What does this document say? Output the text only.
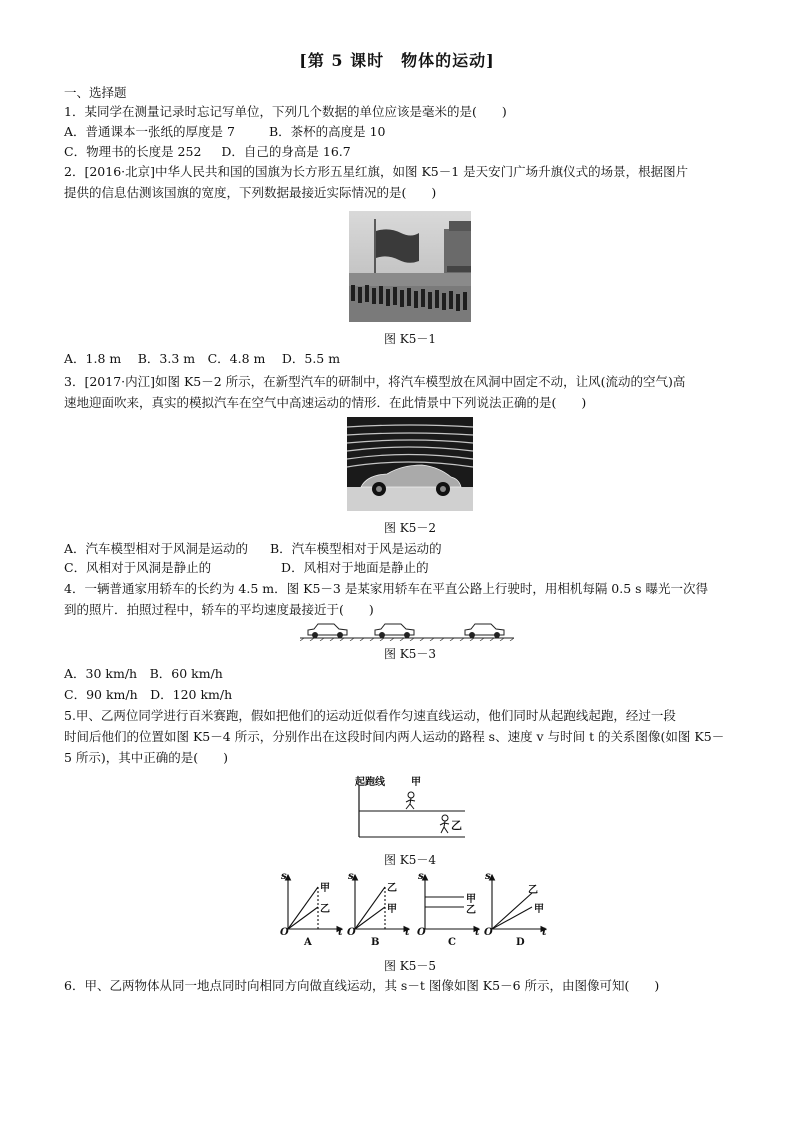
[第 5 课时　物体的运动]
一、选择题
1．某同学在测量记录时忘记写单位，下列几个数据的单位应该是毫米的是(　　)
A．普通课本一张纸的厚度是 7	B．茶杯的高度是 10
C．物理书的长度是 252 D．自己的身高是 16.7
2．[2016·北京]中华人民共和国的国旗为长方形五星红旗，如图 K5－1 是天安门广场升旗仪式的场景，根据图片
提供的信息估测该国旗的宽度，下列数据最接近实际情况的是(　　)
图 K5－1
A．1.8 m　 B．3.3 m　C．4.8 m　 D．5.5 m
3．[2017·内江]如图 K5－2 所示，在新型汽车的研制中，将汽车模型放在风洞中固定不动，让风(流动的空气)高
速地迎面吹来，真实的模拟汽车在空气中高速运动的情形．在此情景中下列说法正确的是(　　)
图 K5－2
A．汽车模型相对于风洞是运动的 B．汽车模型相对于风是运动的
C．风相对于风洞是静止的	D．风相对于地面是静止的
4．一辆普通家用轿车的长约为 4.5 m．图 K5－3 是某家用轿车在平直公路上行驶时，用相机每隔 0.5 s 曝光一次得
到的照片．拍照过程中，轿车的平均速度最接近于(　　)
图 K5－3
A．30 km/h　B．60 km/h
C．90 km/h　D．120 km/h
5.甲、乙两位同学进行百米赛跑，假如把他们的运动近似看作匀速直线运动，他们同时从起跑线起跑，经过一段
时间后他们的位置如图 K5－4 所示，分别作出在这段时间内两人运动的路程 s、速度 v 与时间 t 的关系图像(如图 K5－
5 所示)，其中正确的是(　　)
起跑线	甲
乙
图 K5－4
s
t
O
甲
乙
A
s
t
O
乙
甲
B
s
t
O
甲
乙
C
s
t
O
乙
甲
D
图 K5－5
6．甲、乙两物体从同一地点同时向相同方向做直线运动，其 s－t 图像如图 K5－6 所示，由图像可知(　　)
